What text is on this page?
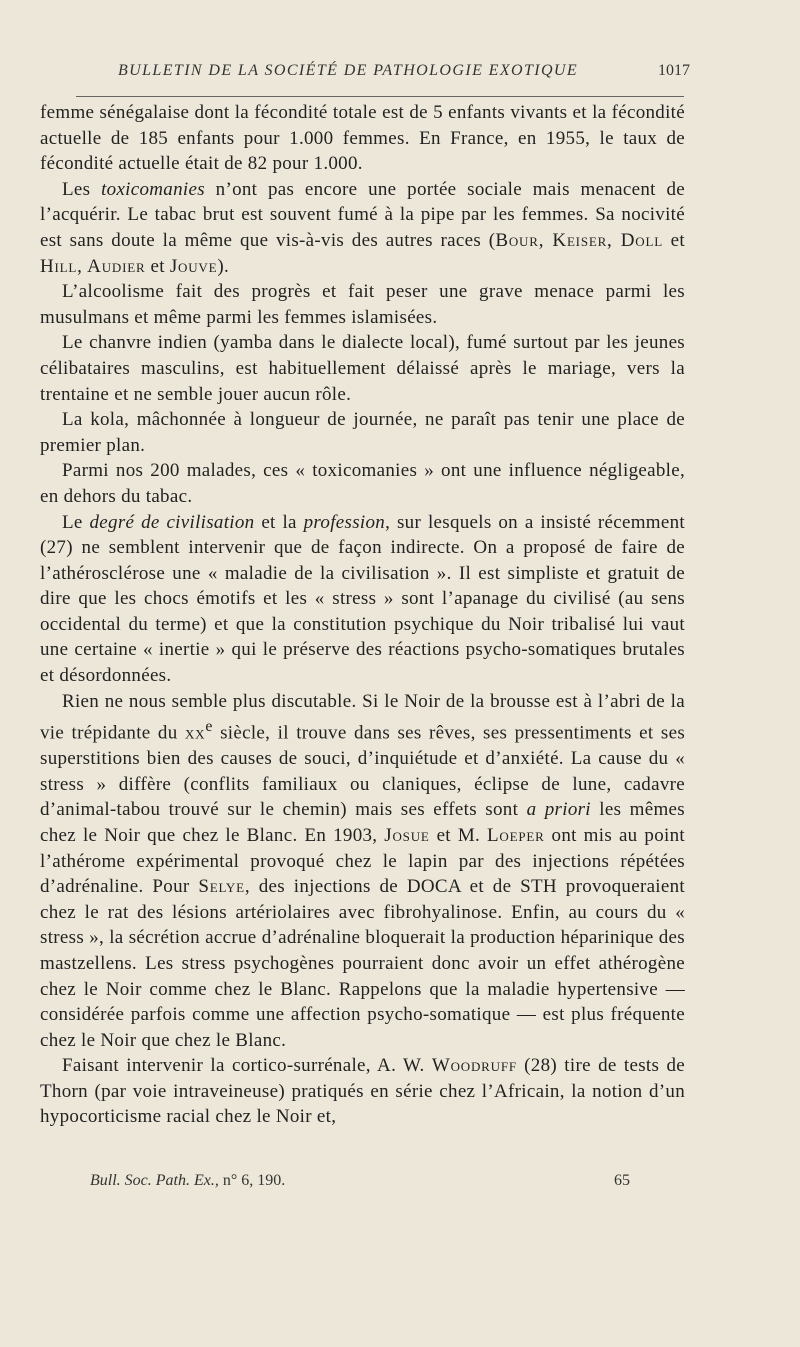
BULLETIN DE LA SOCIÉTÉ DE PATHOLOGIE EXOTIQUE	1017

femme sénégalaise dont la fécondité totale est de 5 enfants vivants et la fécondité actuelle de 185 enfants pour 1.000 femmes. En France, en 1955, le taux de fécondité actuelle était de 82 pour 1.000.

Les toxicomanies n’ont pas encore une portée sociale mais menacent de l’acquérir. Le tabac brut est souvent fumé à la pipe par les femmes. Sa nocivité est sans doute la même que vis-à-vis des autres races (Bour, Keiser, Doll et Hill, Audier et Jouve).

L’alcoolisme fait des progrès et fait peser une grave menace parmi les musulmans et même parmi les femmes islamisées.

Le chanvre indien (yamba dans le dialecte local), fumé surtout par les jeunes célibataires masculins, est habituellement délaissé après le mariage, vers la trentaine et ne semble jouer aucun rôle.

La kola, mâchonnée à longueur de journée, ne paraît pas tenir une place de premier plan.

Parmi nos 200 malades, ces « toxicomanies » ont une influence négligeable, en dehors du tabac.

Le degré de civilisation et la profession, sur lesquels on a insisté récemment (27) ne semblent intervenir que de façon indirecte. On a proposé de faire de l’athérosclérose une « maladie de la civilisation ». Il est simpliste et gratuit de dire que les chocs émotifs et les « stress » sont l’apanage du civilisé (au sens occidental du terme) et que la constitution psychique du Noir tribalisé lui vaut une certaine « inertie » qui le préserve des réactions psycho-somatiques brutales et désordonnées.

Rien ne nous semble plus discutable. Si le Noir de la brousse est à l’abri de la vie trépidante du $xx^e$ siècle, il trouve dans ses rêves, ses pressentiments et ses superstitions bien des causes de souci, d’inquiétude et d’anxiété. La cause du « stress » diffère (conflits familiaux ou claniques, éclipse de lune, cadavre d’animal-tabou trouvé sur le chemin) mais ses effets sont a priori les mêmes chez le Noir que chez le Blanc. En 1903, Josue et M. Loeper ont mis au point l’athérome expérimental provoqué chez le lapin par des injections répétées d’adrénaline. Pour Selye, des injections de DOCA et de STH provoqueraient chez le rat des lésions artériolaires avec fibrohyalinose. Enfin, au cours du « stress », la sécrétion accrue d’adrénaline bloquerait la production héparinique des mastzellens. Les stress psychogènes pourraient donc avoir un effet athérogène chez le Noir comme chez le Blanc. Rappelons que la maladie hypertensive — considérée parfois comme une affection psycho-somatique — est plus fréquente chez le Noir que chez le Blanc.

Faisant intervenir la cortico-surrénale, A. W. Woodruff (28) tire de tests de Thorn (par voie intraveineuse) pratiqués en série chez l’Africain, la notion d’un hypocorticisme racial chez le Noir et,

Bull. Soc. Path. Ex., n° 6, 190.	65
